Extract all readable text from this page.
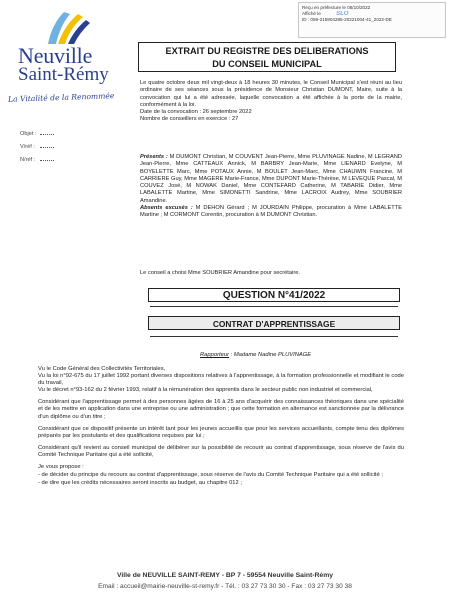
Reçu en préfecture le 06/10/2022
Affiché le	SLO
ID : 059-215904285-20221004-41_2022-DE
Neuville
Saint-Rémy
La Vitalité de la Renommée
Objet :
V/réf :
N/réf :
EXTRAIT DU REGISTRE DES DELIBERATIONS
DU CONSEIL MUNICIPAL
Le quatre octobre deux mil vingt-deux à 18 heures 30 minutes, le Conseil Municipal s'est réuni au lieu ordinaire de ses séances sous la présidence de Monsieur Christian DUMONT, Maire, suite à la convocation qui lui a été adressée, laquelle convocation a été affichée à la porte de la mairie, conformément à la loi.
Date de la convocation : 26 septembre 2022
Nombre de conseillers en exercice : 27
Présents : M DUMONT Christian, M COUVENT Jean-Pierre, Mme PLUVINAGE Nadine, M LEGRAND Jean-Pierre, Mme CATTEAUX Annick, M BARBRY Jean-Marie, Mme LIENARD Evelyne, M BOYELETTE Marc, Mme POTAUX Annie, M BOULET Jean-Marc, Mme CHAUWIN Francine, M CARRIERE Guy, Mme MAGERE Marie-France, Mme DUPONT Marie-Thérèse, M LEVEQUE Pascal, M COUVEZ José, M NOWAK Daniel, Mme CONTEFARD Catherine, M TABARIE Didier, Mme LABALETTE Martine, Mme SIMONETTI Sandrine, Mme LACROIX Audrey, Mme SOUBRIER Amandine.
Absents excusés : M DEHON Gérard ; M JOURDAIN Philippe, procuration à Mme LABALETTE Martine ; M CORMONT Corentin, procuration à M DUMONT Christian.
Le conseil a choisi Mme SOUBRIER Amandine pour secrétaire.
QUESTION N°41/2022
CONTRAT D'APPRENTISSAGE
Rapporteur : Madame Nadine PLUVINAGE

Vu le Code Général des Collectivités Territoriales,

Vu la loi n°92-675 du 17 juillet 1992 portant diverses dispositions relatives à l'apprentissage, à la formation professionnelle et modifiant le code du travail,

Vu le décret n°93-162 du 2 février 1993, relatif à la rémunération des apprentis dans le secteur public non industriel et commercial,

Considérant que l'apprentissage permet à des personnes âgées de 16 à 25 ans d'acquérir des connaissances théoriques dans une spécialité et de les mettre en application dans une entreprise ou une administration ; que cette formation en alternance est sanctionnée par la délivrance d'un diplôme ou d'un titre ;

Considérant que ce dispositif présente un intérêt tant pour les jeunes accueillis que pour les services accueillants, compte tenu des diplômes préparés par les postulants et des qualifications requises par lui ;

Considérant qu'il revient au conseil municipal de délibérer sur la possibilité de recourir au contrat d'apprentissage, sous réserve de l'avis du Comité Technique Paritaire qui a été sollicité,

Je vous propose :

- de décider du principe du recours au contrat d'apprentissage, sous réserve de l'avis du Comité Technique Paritaire qui a été sollicité ;

- de dire que les crédits nécessaires seront inscrits au budget, au chapitre 012 ;

Ville de NEUVILLE SAINT-REMY - BP 7 - 59554 Neuville Saint-Rémy
Email : accueil@mairie-neuville-st-remy.fr - Tél. : 03 27 73 30 30 - Fax : 03 27 73 30 38
